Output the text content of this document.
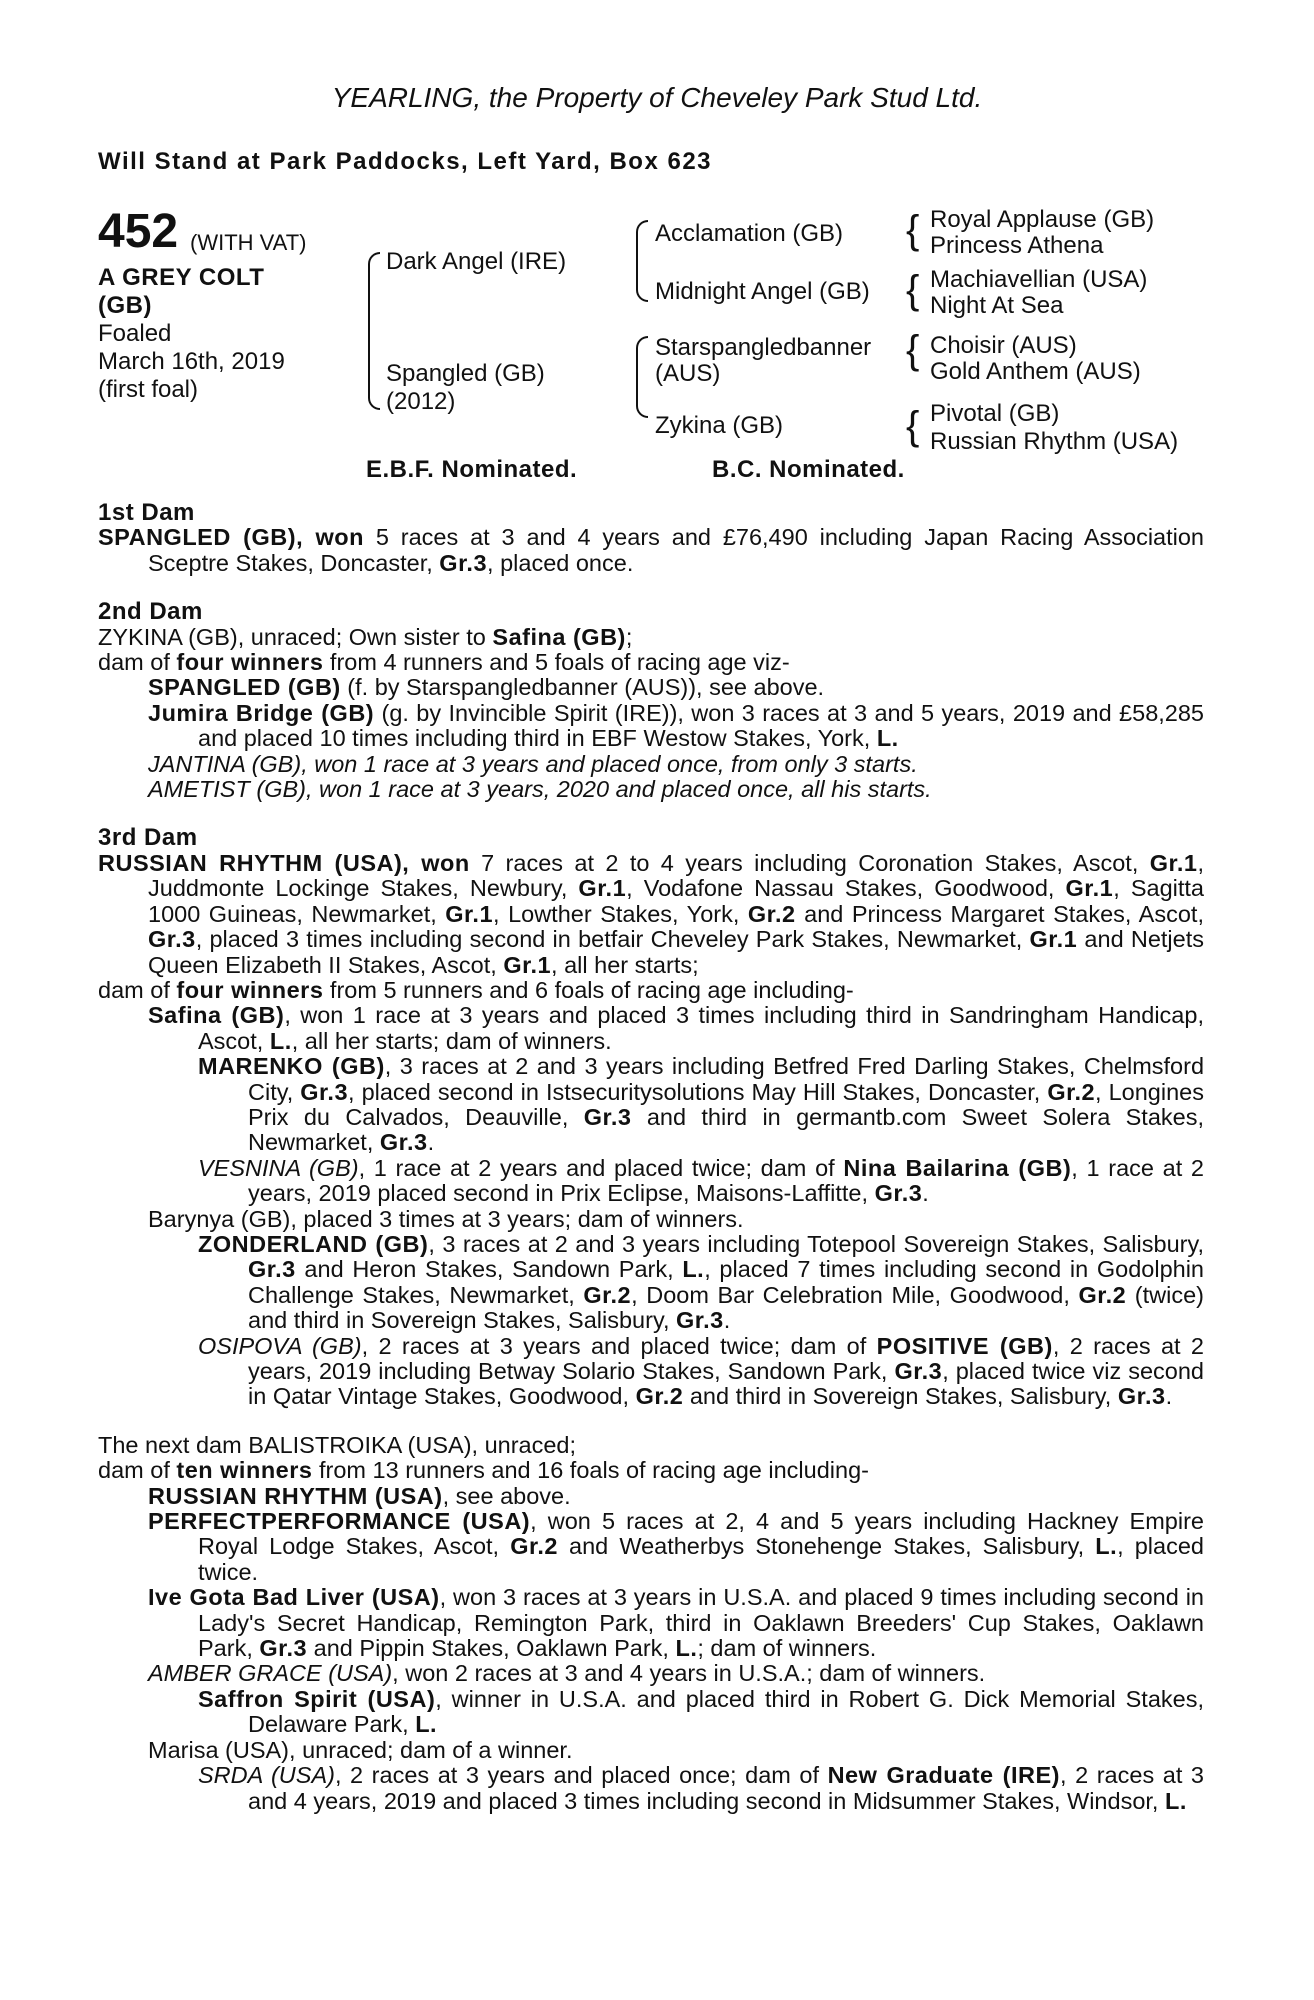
YEARLING, the Property of Cheveley Park Stud Ltd.
Will Stand at Park Paddocks, Left Yard, Box 623
452 (WITH VAT)
A GREY COLT
(GB)
Foaled
March 16th, 2019
(first foal)
{
{
{
{
Dark Angel (IRE)
Spangled (GB)
(2012)
Acclamation (GB)
Midnight Angel (GB)
Starspangledbanner
(AUS)
Zykina (GB)
Royal Applause (GB)
Princess Athena
Machiavellian (USA)
Night At Sea
Choisir (AUS)
Gold Anthem (AUS)
Pivotal (GB)
Russian Rhythm (USA)
E.B.F. Nominated.	B.C. Nominated.
1st Dam

SPANGLED (GB), won 5 races at 3 and 4 years and £76,490 including Japan Racing Association Sceptre Stakes, Doncaster, Gr.3, placed once.

2nd Dam

ZYKINA (GB), unraced; Own sister to Safina (GB);

dam of four winners from 4 runners and 5 foals of racing age viz-

SPANGLED (GB) (f. by Starspangledbanner (AUS)), see above.

Jumira Bridge (GB) (g. by Invincible Spirit (IRE)), won 3 races at 3 and 5 years, 2019 and £58,285 and placed 10 times including third in EBF Westow Stakes, York, L.

JANTINA (GB), won 1 race at 3 years and placed once, from only 3 starts.

AMETIST (GB), won 1 race at 3 years, 2020 and placed once, all his starts.

3rd Dam

RUSSIAN RHYTHM (USA), won 7 races at 2 to 4 years including Coronation Stakes, Ascot, Gr.1, Juddmonte Lockinge Stakes, Newbury, Gr.1, Vodafone Nassau Stakes, Goodwood, Gr.1, Sagitta 1000 Guineas, Newmarket, Gr.1, Lowther Stakes, York, Gr.2 and Princess Margaret Stakes, Ascot, Gr.3, placed 3 times including second in betfair Cheveley Park Stakes, Newmarket, Gr.1 and Netjets Queen Elizabeth II Stakes, Ascot, Gr.1, all her starts;

dam of four winners from 5 runners and 6 foals of racing age including-

Safina (GB), won 1 race at 3 years and placed 3 times including third in Sandringham Handicap, Ascot, L., all her starts; dam of winners.

MARENKO (GB), 3 races at 2 and 3 years including Betfred Fred Darling Stakes, Chelmsford City, Gr.3, placed second in Istsecuritysolutions May Hill Stakes, Doncaster, Gr.2, Longines Prix du Calvados, Deauville, Gr.3 and third in germantb.com Sweet Solera Stakes, Newmarket, Gr.3.

VESNINA (GB), 1 race at 2 years and placed twice; dam of Nina Bailarina (GB), 1 race at 2 years, 2019 placed second in Prix Eclipse, Maisons-Laffitte, Gr.3.

Barynya (GB), placed 3 times at 3 years; dam of winners.

ZONDERLAND (GB), 3 races at 2 and 3 years including Totepool Sovereign Stakes, Salisbury, Gr.3 and Heron Stakes, Sandown Park, L., placed 7 times including second in Godolphin Challenge Stakes, Newmarket, Gr.2, Doom Bar Celebration Mile, Goodwood, Gr.2 (twice) and third in Sovereign Stakes, Salisbury, Gr.3.

OSIPOVA (GB), 2 races at 3 years and placed twice; dam of POSITIVE (GB), 2 races at 2 years, 2019 including Betway Solario Stakes, Sandown Park, Gr.3, placed twice viz second in Qatar Vintage Stakes, Goodwood, Gr.2 and third in Sovereign Stakes, Salisbury, Gr.3.

The next dam BALISTROIKA (USA), unraced;

dam of ten winners from 13 runners and 16 foals of racing age including-

RUSSIAN RHYTHM (USA), see above.

PERFECTPERFORMANCE (USA), won 5 races at 2, 4 and 5 years including Hackney Empire Royal Lodge Stakes, Ascot, Gr.2 and Weatherbys Stonehenge Stakes, Salisbury, L., placed twice.

Ive Gota Bad Liver (USA), won 3 races at 3 years in U.S.A. and placed 9 times including second in Lady's Secret Handicap, Remington Park, third in Oaklawn Breeders' Cup Stakes, Oaklawn Park, Gr.3 and Pippin Stakes, Oaklawn Park, L.; dam of winners.

AMBER GRACE (USA), won 2 races at 3 and 4 years in U.S.A.; dam of winners.

Saffron Spirit (USA), winner in U.S.A. and placed third in Robert G. Dick Memorial Stakes, Delaware Park, L.

Marisa (USA), unraced; dam of a winner.

SRDA (USA), 2 races at 3 years and placed once; dam of New Graduate (IRE), 2 races at 3 and 4 years, 2019 and placed 3 times including second in Midsummer Stakes, Windsor, L.
